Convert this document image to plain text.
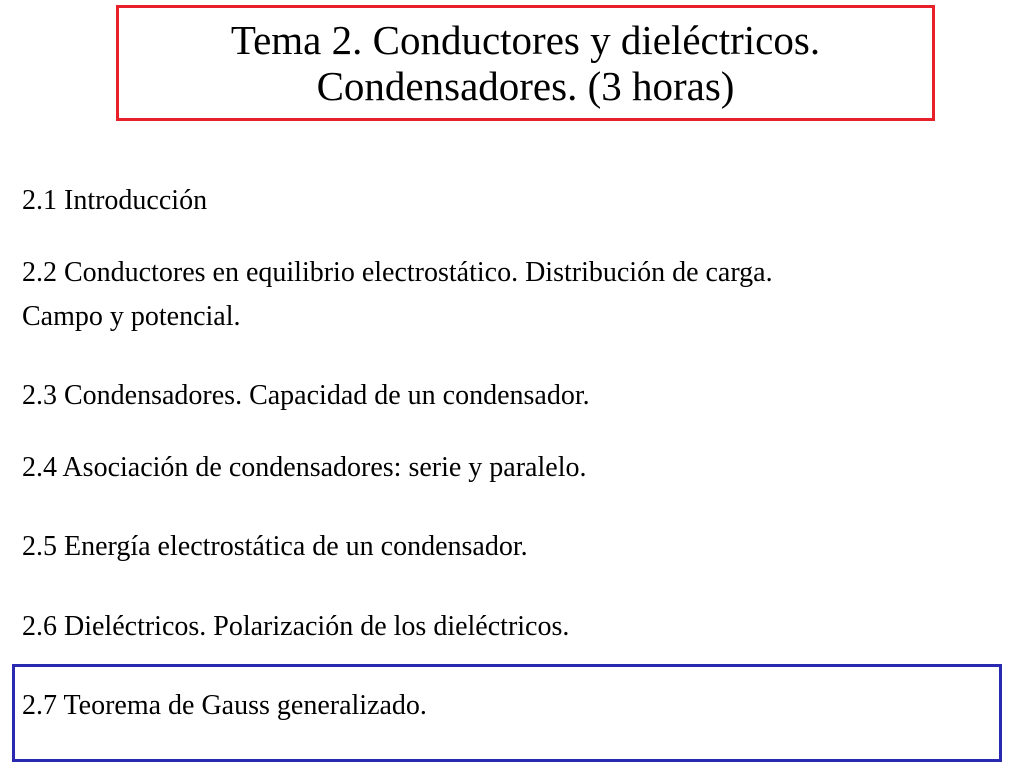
Tema 2. Conductores y dieléctricos.
Condensadores. (3 horas)
2.1 Introducción
2.2 Conductores en equilibrio electrostático. Distribución de carga.
Campo y potencial.
2.3 Condensadores. Capacidad de un condensador.
2.4 Asociación de condensadores: serie y paralelo.
2.5 Energía electrostática de un condensador.
2.6 Dieléctricos. Polarización de los dieléctricos.
2.7 Teorema de Gauss generalizado.
